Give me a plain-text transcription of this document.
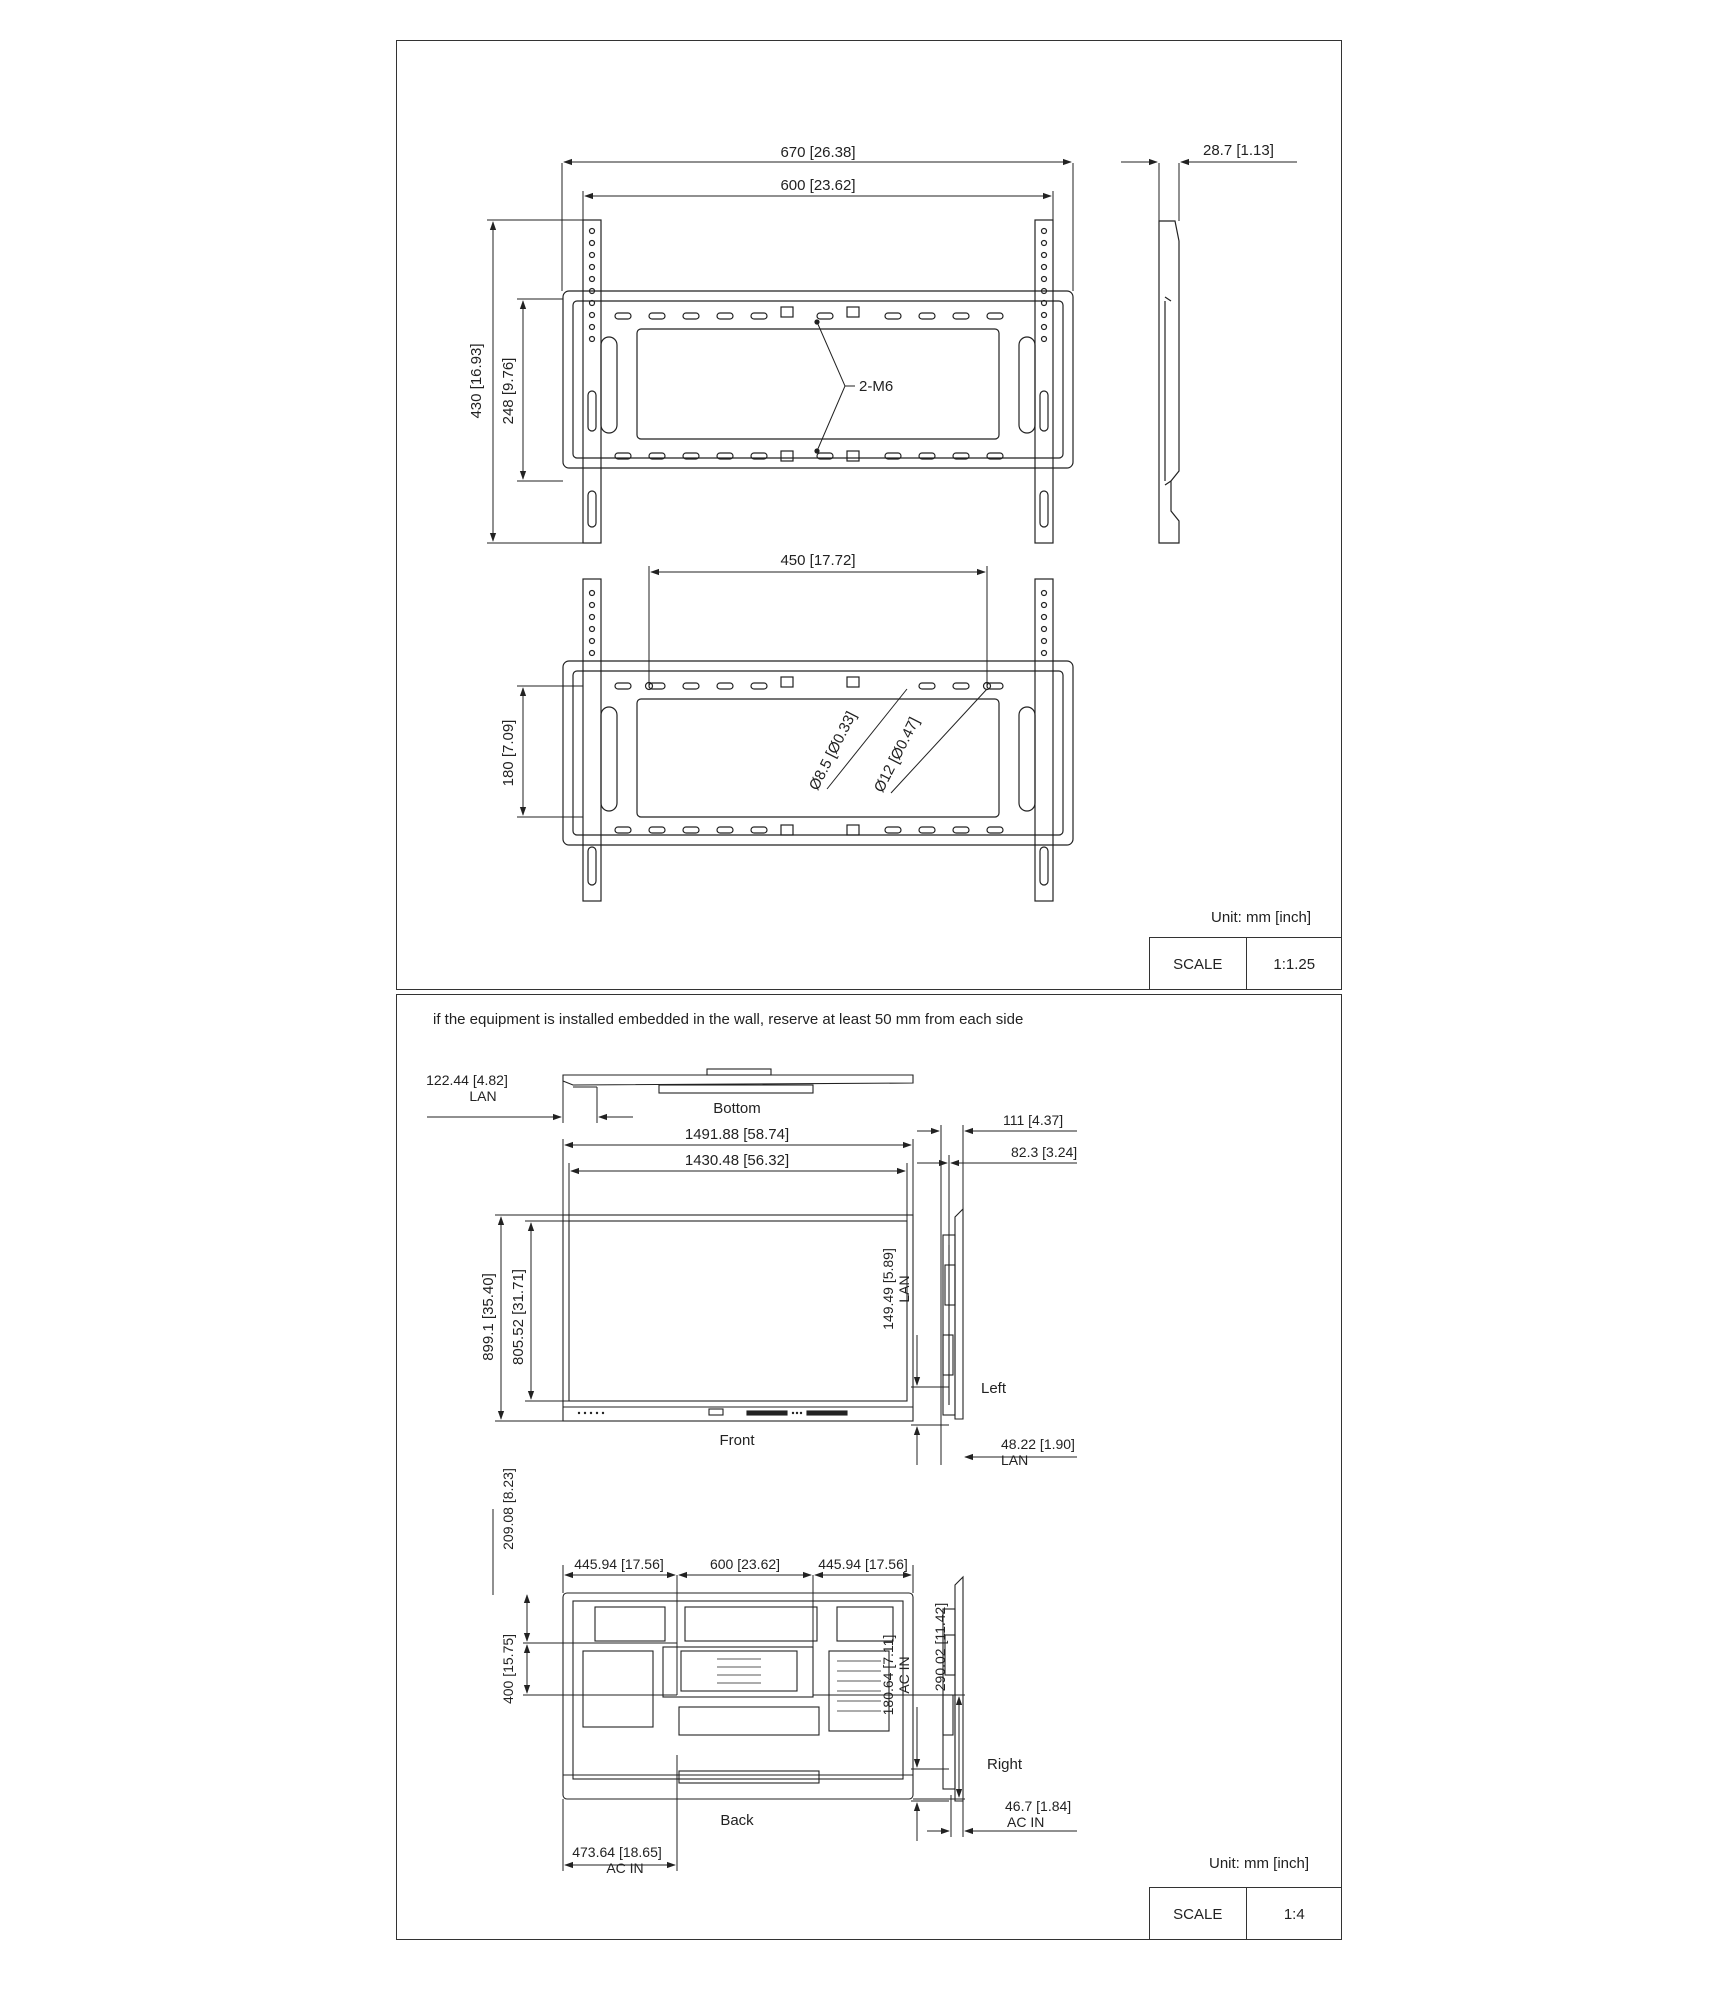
670 [26.38]
600 [23.62]
28.7 [1.13]
430 [16.93] 248 [9.76]	2-M6
450 [17.72]
180 [7.09]	Ø8.5 [Ø0.33] Ø12 [Ø0.47]
Unit: mm [inch]
SCALE	1:1.25
if the equipment is installed embedded in the wall, reserve at least 50 mm from each side
122.44 [4.82]
LAN
Bottom
1491.88 [58.74]
1430.48 [56.32]
899.1 [35.40] 805.52 [31.71]
Front
111 [4.37]
82.3 [3.24]
149.49 [5.89] LAN
Left
48.22 [1.90]
LAN
209.08 [8.23]
445.94 [17.56]	600 [23.62]	445.94 [17.56]
400 [15.75]	290.02 [11.42]
Back
473.64 [18.65]
AC IN
180.64 [7.11] AC IN
Right
46.7 [1.84]
AC IN
Unit: mm [inch]
SCALE	1:4
